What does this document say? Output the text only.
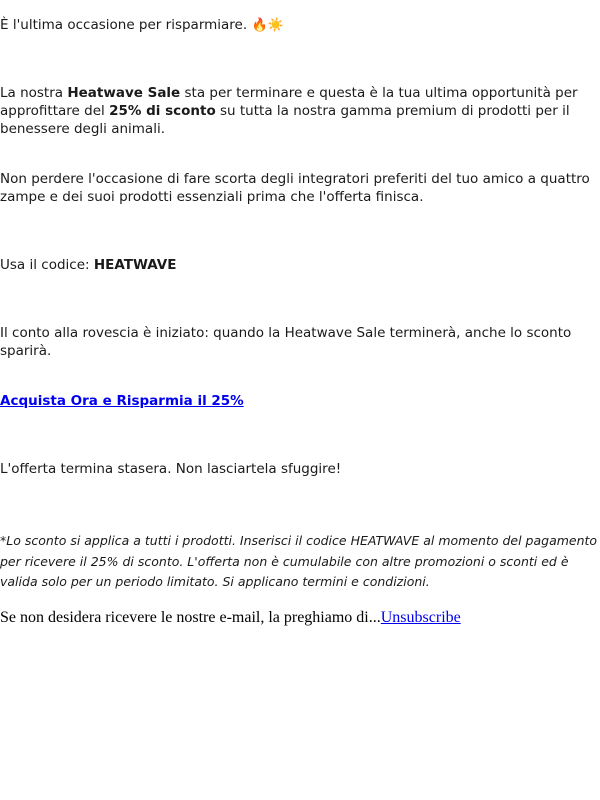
È l'ultima occasione per risparmiare. 🔥☀️

La nostra Heatwave Sale sta per terminare e questa è la tua ultima opportunità per approfittare del 25% di sconto su tutta la nostra gamma premium di prodotti per il benessere degli animali.

Non perdere l'occasione di fare scorta degli integratori preferiti del tuo amico a quattro zampe e dei suoi prodotti essenziali prima che l'offerta finisca.

Usa il codice: HEATWAVE

Il conto alla rovescia è iniziato: quando la Heatwave Sale terminerà, anche lo sconto sparirà.

Acquista Ora e Risparmia il 25%

L'offerta termina stasera. Non lasciartela sfuggire!

*Lo sconto si applica a tutti i prodotti. Inserisci il codice HEATWAVE al momento del pagamento per ricevere il 25% di sconto. L'offerta non è cumulabile con altre promozioni o sconti ed è valida solo per un periodo limitato. Si applicano termini e condizioni.

Se non desidera ricevere le nostre e-mail, la preghiamo di...Unsubscribe
